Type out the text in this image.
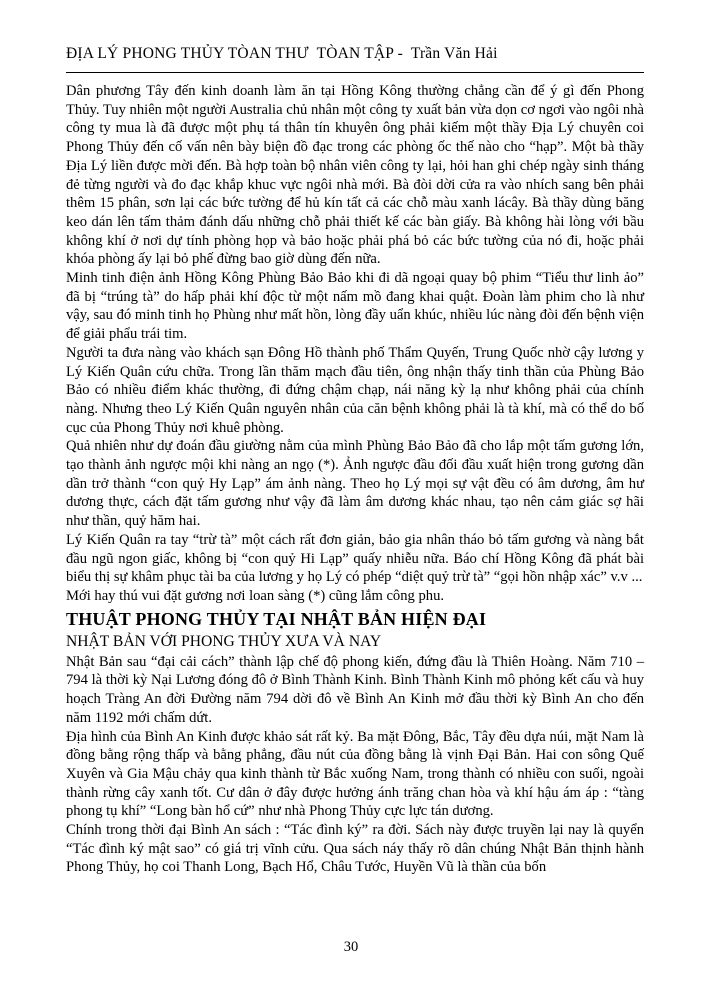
ĐỊA LÝ PHONG THỦY TÒAN THƯ  TÒAN TẬP -  Trần Văn Hải

Dân phương Tây đến kinh doanh làm ăn tại Hồng Kông thường chẳng cần để ý gì đến Phong Thủy. Tuy nhiên một người Australia chủ nhân một công ty xuất bản vừa dọn cơ ngơi vào ngôi nhà công ty mua là đã được một phụ tá thân tín khuyên ông phải kiếm một thầy Địa Lý chuyên coi Phong Thủy đến cố vấn nên bày biện đồ đạc trong các phòng ốc thế nào cho “hạp”. Một bà thầy Địa Lý liền được mời đến. Bà hợp toàn bộ nhân viên công ty lại, hỏi han ghi chép ngày sinh tháng đẻ từng người và đo đạc khắp khuc vực ngôi nhà mới. Bà đòi dời cửa ra vào nhích sang bên phải thêm 15 phân, sơn lại các bức tường để hủ kín tất cả các chỗ màu xanh lácây. Bà thầy dùng băng keo dán lên tấm thảm đánh dấu những chỗ phải thiết kế các bàn giấy. Bà không hài lòng với bầu không khí ở nơi dự tính phòng họp và bảo hoặc phải phá bỏ các bức tường của nó đi, hoặc phải khóa phòng ấy lại bỏ phế đừng bao giờ dùng đến nữa.

Minh tinh điện ảnh Hồng Kông Phùng Bảo Bảo khi đi dã ngoại quay bộ phim “Tiểu thư linh ảo” đã bị “trúng tà” do hấp phải khí độc từ một nấm mồ đang khai quật. Đoàn làm phim cho là như vậy, sau đó minh tinh họ Phùng như mất hồn, lòng đầy uẩn khúc, nhiều lúc nàng đòi đến bệnh viện để giải phẩu trái tim.

Người ta đưa nàng vào khách sạn Đông Hồ thành phố Thẩm Quyến, Trung Quốc nhờ cậy lương y Lý Kiến Quân cứu chữa. Trong lần thăm mạch đầu tiên, ông nhận thấy tinh thần của Phùng Bảo Bảo có nhiều điểm khác thường, đi đứng chậm chạp, nái năng kỳ lạ như không phải của chính nàng. Nhưng theo Lý Kiến Quân nguyên nhân của căn bệnh không phải là tà khí, mà có thể do bố cục của Phong Thủy nơi khuê phòng.

Quả nhiên như dự đoán đầu giường nằm của mình Phùng Bảo Bảo đã cho lắp một tấm gương lớn, tạo thành ảnh ngược mội khi nàng an ngọ (*). Ảnh ngược đầu đối đầu xuất hiện trong gương dần dần trở thành “con quỷ Hy Lạp” ám ảnh nàng. Theo họ Lý mọi sự vật đều có âm dương, âm hư dương thực, cách đặt tấm gương như vậy đã làm âm dương khác nhau, tạo nên cảm giác sợ hãi như thần, quỷ hăm hai.

Lý Kiến Quân ra tay “trừ tà” một cách rất đơn giản, bảo gia nhân tháo bỏ tấm gương và nàng bắt đầu ngũ ngon giấc, không bị “con quỷ Hi Lạp” quấy nhiễu nữa. Báo chí Hồng Kông đã phát bài biểu thị sự khâm phục tài ba của lương y họ Lý có phép “diệt quỷ trừ tà” “gọi hồn nhập xác” v.v ...

Mới hay thú vui đặt gương nơi loan sàng (*) cũng lắm công phu.

THUẬT PHONG THỦY TẠI NHẬT BẢN HIỆN ĐẠI
NHẬT BẢN VỚI PHONG THỦY XƯA VÀ NAY

Nhật Bản sau “đại cải cách” thành lập chế độ phong kiến, đứng đầu là Thiên Hoàng. Năm 710 – 794 là thời kỳ Nại Lương đóng đô ở Bình Thành Kinh. Bình Thành Kinh mô phỏng kết cấu và huy hoạch Tràng An đời Đường năm 794 dời đô về Bình An Kinh mở đầu thời kỳ Bình An cho đến năm 1192 mới chấm dứt.

Địa hình của Bình An Kinh được khảo sát rất kỷ. Ba mặt Đông, Bắc, Tây đều dựa núi, mặt Nam là đồng bằng rộng thấp và bằng phẳng, đầu nút của đồng bằng là vịnh Đại Bản. Hai con sông Quế Xuyên và Gia Mậu chảy qua kinh thành từ Bắc xuống Nam, trong thành có nhiều con suối, ngoài thành rừng cây xanh tốt. Cư dân ở đây được hưởng ánh trăng chan hòa và khí hậu ám áp : “tàng phong tụ khí” “Long bàn hổ cứ” như nhà Phong Thủy cực lực tán dương.

Chính trong thời đại Bình An sách : “Tác đình ký” ra đời. Sách này được truyền lại nay là quyển “Tác đình ký mật sao” có giá trị vĩnh cửu. Qua sách náy thấy rõ dân chúng Nhật Bản thịnh hành Phong Thủy, họ coi Thanh Long, Bạch Hổ, Châu Tước, Huyền Vũ là thần của bốn

30
